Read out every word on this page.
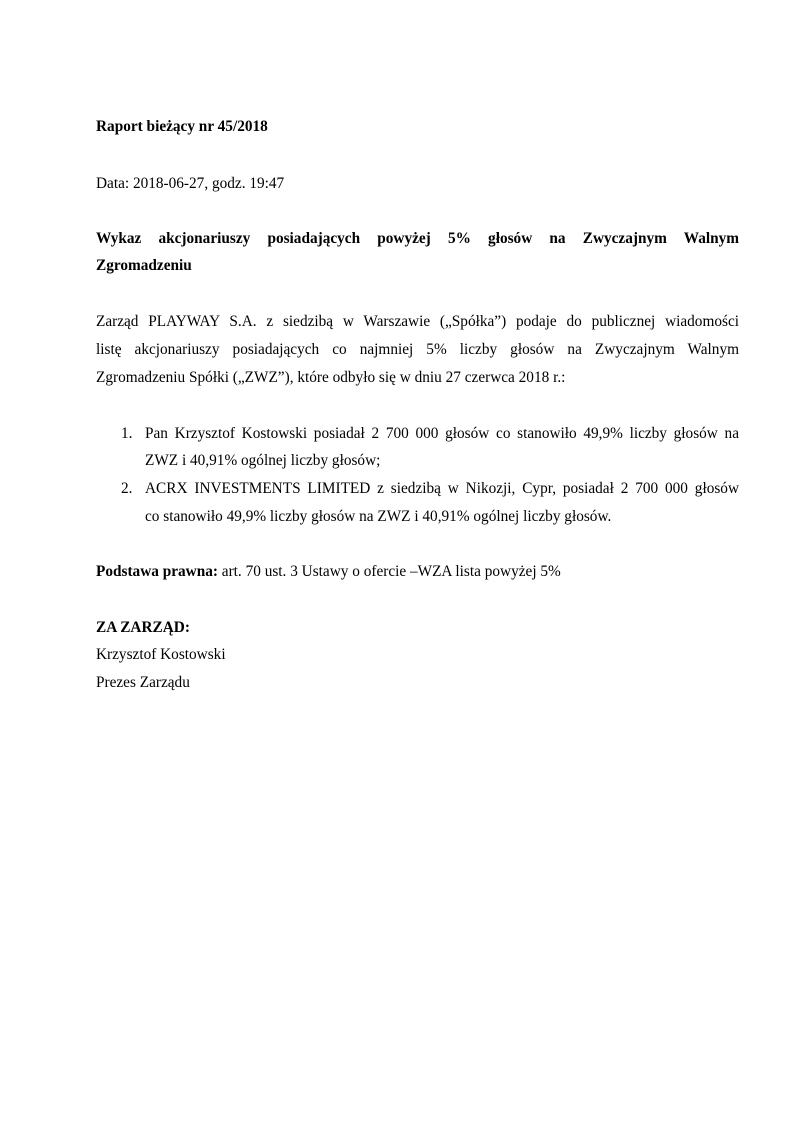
Raport bieżący nr 45/2018
Data: 2018-06-27, godz. 19:47
Wykaz akcjonariuszy posiadających powyżej 5% głosów na Zwyczajnym Walnym
Zgromadzeniu
Zarząd PLAYWAY S.A. z siedzibą w Warszawie („Spółka”) podaje do publicznej wiadomości
listę akcjonariuszy posiadających co najmniej 5% liczby głosów na Zwyczajnym Walnym
Zgromadzeniu Spółki („ZWZ”), które odbyło się w dniu 27 czerwca 2018 r.:
1. Pan Krzysztof Kostowski posiadał 2 700 000 głosów co stanowiło 49,9% liczby głosów na
ZWZ i 40,91% ogólnej liczby głosów;
2. ACRX INVESTMENTS LIMITED z siedzibą w Nikozji, Cypr, posiadał 2 700 000 głosów
co stanowiło 49,9% liczby głosów na ZWZ i 40,91% ogólnej liczby głosów.
Podstawa prawna: art. 70 ust. 3 Ustawy o ofercie –WZA lista powyżej 5%
ZA ZARZĄD:
Krzysztof Kostowski
Prezes Zarządu
